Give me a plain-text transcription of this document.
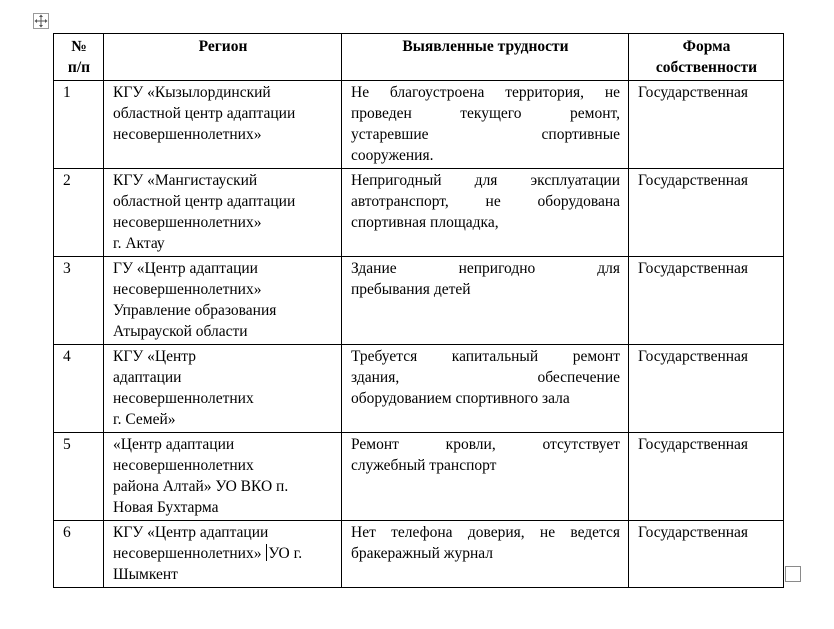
№
п/п	Регион	Выявленные трудности	Форма
собственности

1	КГУ «Кызылординский
областной центр адаптации
несовершеннолетних»	Не благоустроена территория, не
проведен текущего ремонт,
устаревшие спортивные
сооружения.	Государственная
2	КГУ «Мангистауский
областной центр адаптации
несовершеннолетних»
г. Актау	Непригодный для эксплуатации
автотранспорт, не оборудована
спортивная площадка,	Государственная
3	ГУ «Центр адаптации
несовершеннолетних»
Управление образования
Атырауской области	Здание непригодно для
пребывания детей	Государственная
4	КГУ «Центр
адаптации
несовершеннолетних
г. Семей»	Требуется капитальный ремонт
здания, обеспечение
оборудованием спортивного зала	Государственная
5	«Центр адаптации
несовершеннолетних
района Алтай» УО ВКО п.
Новая Бухтарма	Ремонт кровли, отсутствует
служебный транспорт	Государственная
6	КГУ «Центр адаптации
несовершеннолетних» УО г.
Шымкент	Нет телефона доверия, не ведется
бракеражный журнал	Государственная
